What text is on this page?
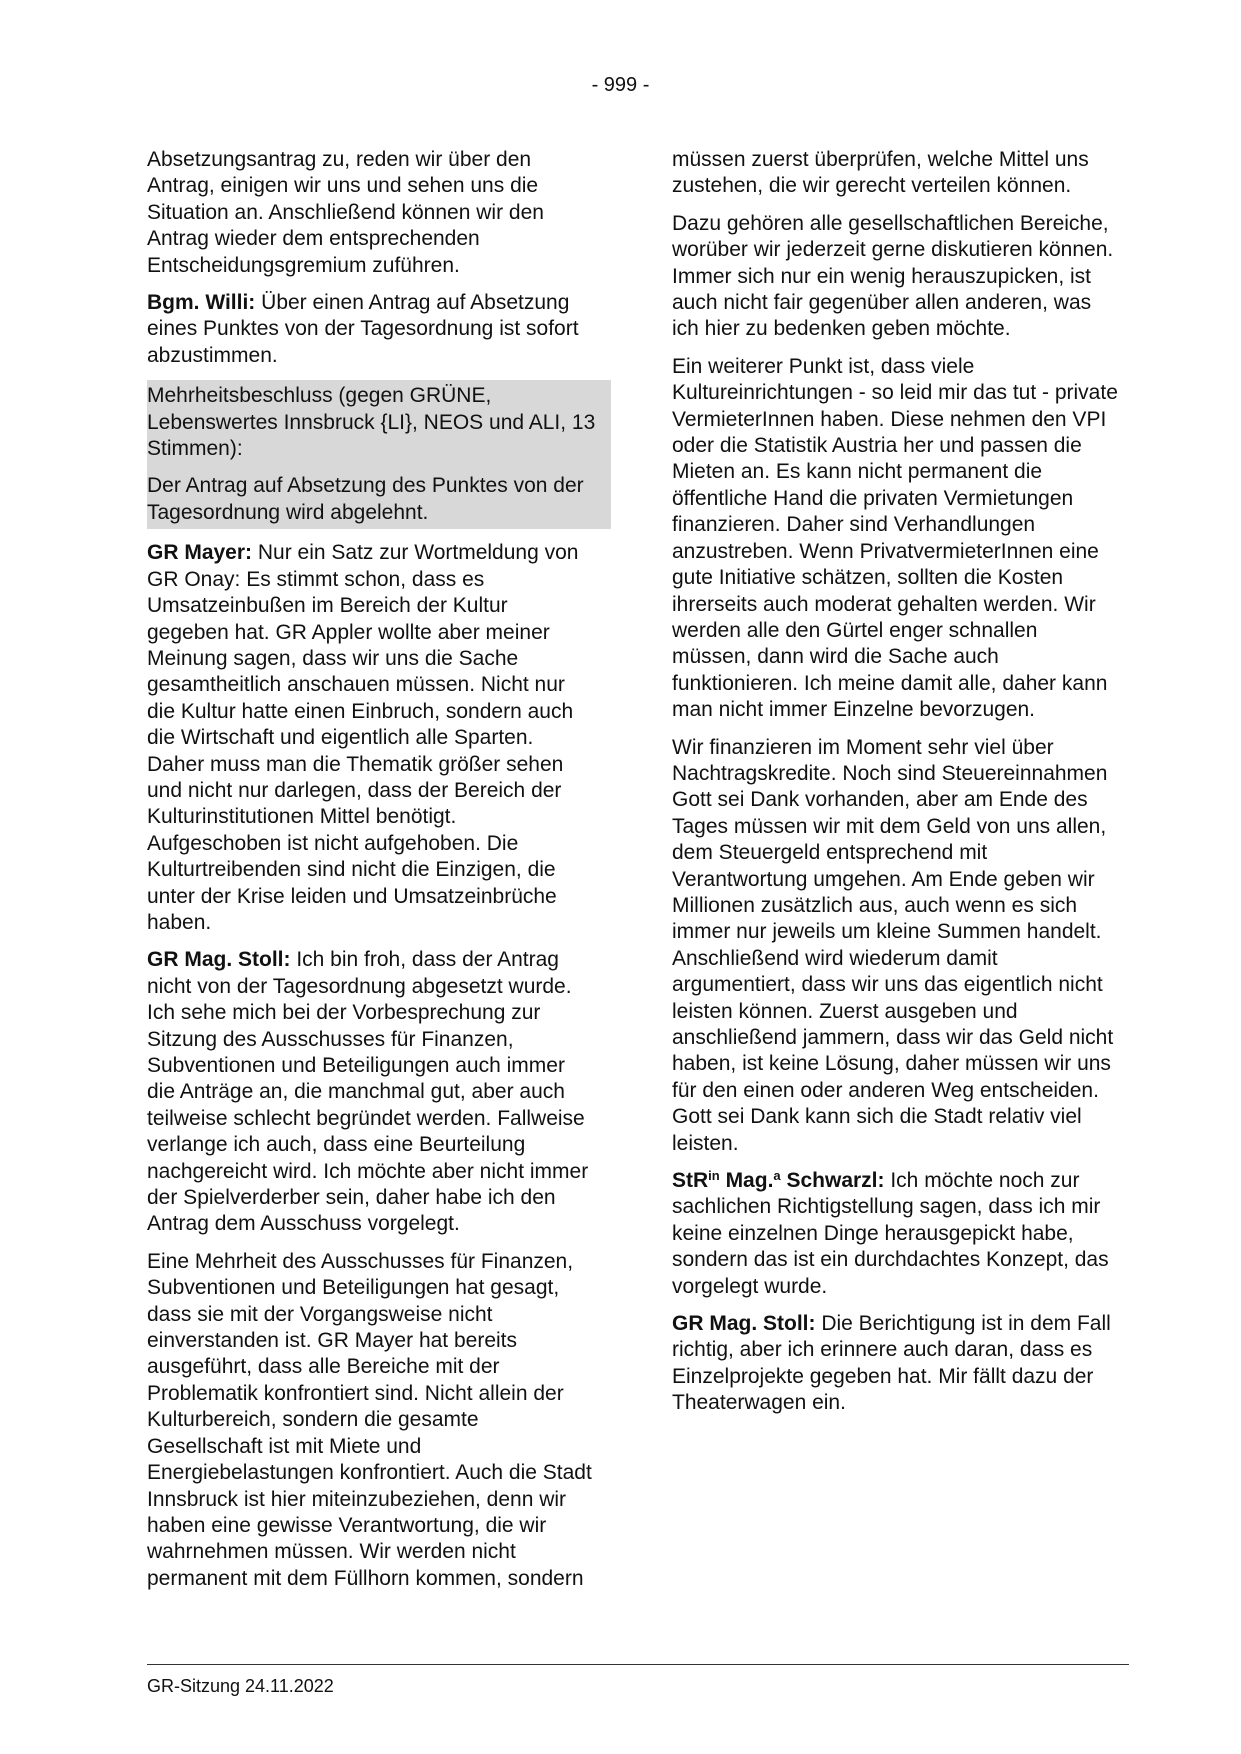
- 999 -

Absetzungsantrag zu, reden wir über den Antrag, einigen wir uns und sehen uns die Situation an. Anschließend können wir den Antrag wieder dem entsprechenden Entscheidungsgremium zuführen.

Bgm. Willi: Über einen Antrag auf Absetzung eines Punktes von der Tagesordnung ist sofort abzustimmen.

Mehrheitsbeschluss (gegen GRÜNE, Lebenswertes Innsbruck {LI}, NEOS und ALI, 13 Stimmen):

Der Antrag auf Absetzung des Punktes von der Tagesordnung wird abgelehnt.

GR Mayer: Nur ein Satz zur Wortmeldung von GR Onay: Es stimmt schon, dass es Umsatzeinbußen im Bereich der Kultur gegeben hat. GR Appler wollte aber meiner Meinung sagen, dass wir uns die Sache gesamtheitlich anschauen müssen. Nicht nur die Kultur hatte einen Einbruch, sondern auch die Wirtschaft und eigentlich alle Sparten. Daher muss man die Thematik größer sehen und nicht nur darlegen, dass der Bereich der Kulturinstitutionen Mittel benötigt. Aufgeschoben ist nicht aufgehoben. Die Kulturtreibenden sind nicht die Einzigen, die unter der Krise leiden und Umsatzeinbrüche haben.

GR Mag. Stoll: Ich bin froh, dass der Antrag nicht von der Tagesordnung abgesetzt wurde. Ich sehe mich bei der Vorbesprechung zur Sitzung des Ausschusses für Finanzen, Subventionen und Beteiligungen auch immer die Anträge an, die manchmal gut, aber auch teilweise schlecht begründet werden. Fallweise verlange ich auch, dass eine Beurteilung nachgereicht wird. Ich möchte aber nicht immer der Spielverderber sein, daher habe ich den Antrag dem Ausschuss vorgelegt.

Eine Mehrheit des Ausschusses für Finanzen, Subventionen und Beteiligungen hat gesagt, dass sie mit der Vorgangsweise nicht einverstanden ist. GR Mayer hat bereits ausgeführt, dass alle Bereiche mit der Problematik konfrontiert sind. Nicht allein der Kulturbereich, sondern die gesamte Gesellschaft ist mit Miete und Energiebelastungen konfrontiert. Auch die Stadt Innsbruck ist hier miteinzubeziehen, denn wir haben eine gewisse Verantwortung, die wir wahrnehmen müssen. Wir werden nicht permanent mit dem Füllhorn kommen, sondern

müssen zuerst überprüfen, welche Mittel uns zustehen, die wir gerecht verteilen können.

Dazu gehören alle gesellschaftlichen Bereiche, worüber wir jederzeit gerne diskutieren können. Immer sich nur ein wenig herauszupicken, ist auch nicht fair gegenüber allen anderen, was ich hier zu bedenken geben möchte.

Ein weiterer Punkt ist, dass viele Kultureinrichtungen - so leid mir das tut - private VermieterInnen haben. Diese nehmen den VPI oder die Statistik Austria her und passen die Mieten an. Es kann nicht permanent die öffentliche Hand die privaten Vermietungen finanzieren. Daher sind Verhandlungen anzustreben. Wenn PrivatvermieterInnen eine gute Initiative schätzen, sollten die Kosten ihrerseits auch moderat gehalten werden. Wir werden alle den Gürtel enger schnallen müssen, dann wird die Sache auch funktionieren. Ich meine damit alle, daher kann man nicht immer Einzelne bevorzugen.

Wir finanzieren im Moment sehr viel über Nachtragskredite. Noch sind Steuereinnahmen Gott sei Dank vorhanden, aber am Ende des Tages müssen wir mit dem Geld von uns allen, dem Steuergeld entsprechend mit Verantwortung umgehen. Am Ende geben wir Millionen zusätzlich aus, auch wenn es sich immer nur jeweils um kleine Summen handelt. Anschließend wird wiederum damit argumentiert, dass wir uns das eigentlich nicht leisten können. Zuerst ausgeben und anschließend jammern, dass wir das Geld nicht haben, ist keine Lösung, daher müssen wir uns für den einen oder anderen Weg entscheiden. Gott sei Dank kann sich die Stadt relativ viel leisten.

StR$^{in}$ Mag.$^a$ Schwarzl: Ich möchte noch zur sachlichen Richtigstellung sagen, dass ich mir keine einzelnen Dinge herausgepickt habe, sondern das ist ein durchdachtes Konzept, das vorgelegt wurde.

GR Mag. Stoll: Die Berichtigung ist in dem Fall richtig, aber ich erinnere auch daran, dass es Einzelprojekte gegeben hat. Mir fällt dazu der Theaterwagen ein.

GR-Sitzung 24.11.2022
